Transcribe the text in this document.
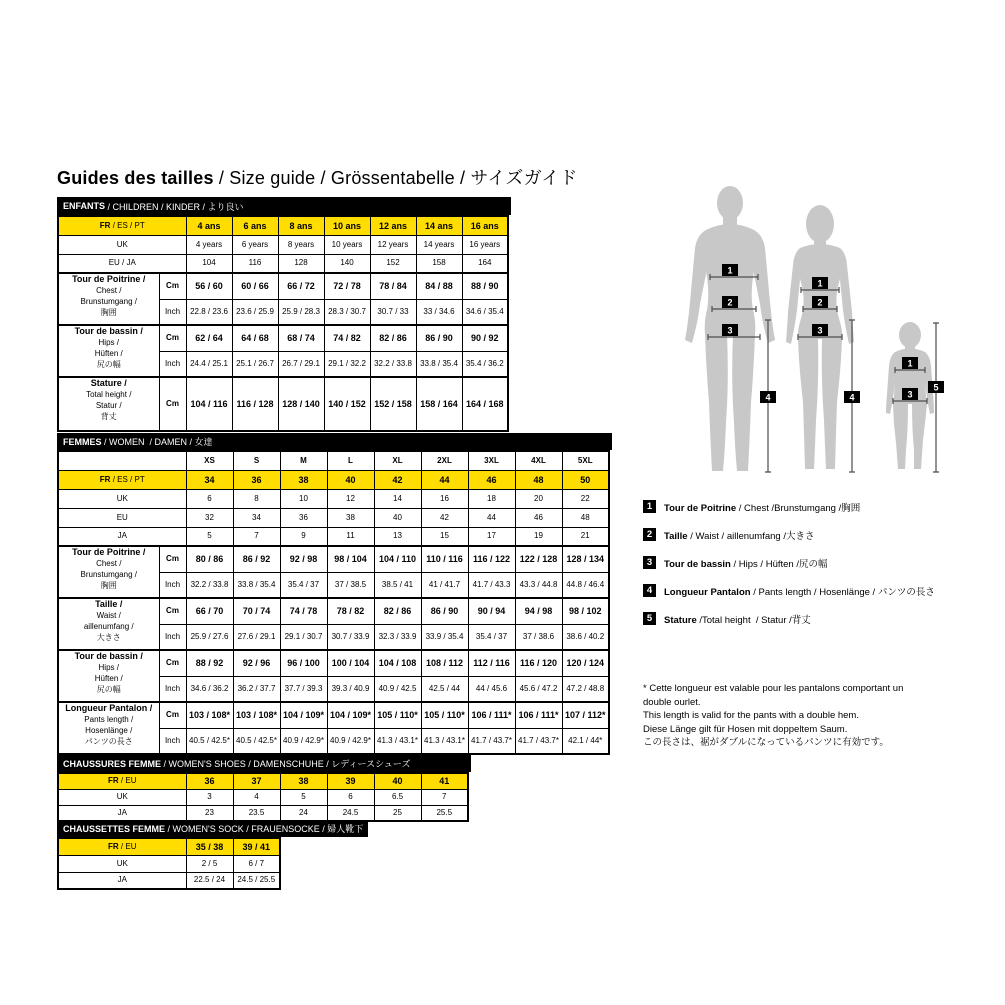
Guides des tailles / Size guide / Grössentabelle / サイズガイド
ENFANTS / CHILDREN / KINDER / より良い
FR / ES / PT		4 ans	6 ans	8 ans	10 ans	12 ans	14 ans	16 ans
UK		4 years	6 years	8 years	10 years	12 years	14 years	16 years
EU / JA		104	116	128	140	152	158	164

Tour de Poitrine /
Chest /
Brunstumgang /
胸囲	Cm	56 / 60	60 / 66	66 / 72	72 / 78	78 / 84	84 / 88	88 / 90
	Inch	22.8 / 23.6	23.6 / 25.9	25.9 / 28.3	28.3 / 30.7	30.7 / 33	33 / 34.6	34.6 / 35.4

Tour de bassin /
Hips /
Hüften /
尻の幅	Cm	62 / 64	64 / 68	68 / 74	74 / 82	82 / 86	86 / 90	90 / 92
	Inch	24.4 / 25.1	25.1 / 26.7	26.7 / 29.1	29.1 / 32.2	32.2 / 33.8	33.8 / 35.4	35.4 / 36.2

Stature /
Total height /
Statur /
背丈	Cm	104 / 116	116 / 128	128 / 140	140 / 152	152 / 158	158 / 164	164 / 168
FEMMES / WOMEN  / DAMEN / 女達
		XS	S	M	L	XL	2XL	3XL	4XL	5XL
FR / ES / PT		34	36	38	40	42	44	46	48	50
UK		6	8	10	12	14	16	18	20	22
EU		32	34	36	38	40	42	44	46	48
JA		5	7	9	11	13	15	17	19	21

Tour de Poitrine /
Chest /
Brunstumgang /
胸囲	Cm	80 / 86	86 / 92	92 / 98	98 / 104	104 / 110	110 / 116	116 / 122	122 / 128	128 / 134
	Inch	32.2 / 33.8	33.8 / 35.4	35.4 / 37	37 / 38.5	38.5 / 41	41 / 41.7	41.7 / 43.3	43.3 / 44.8	44.8 / 46.4

Taille /
Waist /
aillenumfang /
大きさ	Cm	66 / 70	70 / 74	74 / 78	78 / 82	82 / 86	86 / 90	90 / 94	94 / 98	98 / 102
	Inch	25.9 / 27.6	27.6 / 29.1	29.1 / 30.7	30.7 / 33.9	32.3 / 33.9	33.9 / 35.4	35.4 / 37	37 / 38.6	38.6 / 40.2

Tour de bassin /
Hips /
Hüften /
尻の幅	Cm	88 / 92	92 / 96	96 / 100	100 / 104	104 / 108	108 / 112	112 / 116	116 / 120	120 / 124
	Inch	34.6 / 36.2	36.2 / 37.7	37.7 / 39.3	39.3 / 40.9	40.9 / 42.5	42.5 / 44	44 / 45.6	45.6 / 47.2	47.2 / 48.8

Longueur Pantalon /
Pants length /
Hosenlänge /
パンツの長さ	Cm	103 / 108*	103 / 108*	104 / 109*	104 / 109*	105 / 110*	105 / 110*	106 / 111*	106 / 111*	107 / 112*
	Inch	40.5 / 42.5*	40.5 / 42.5*	40.9 / 42.9*	40.9 / 42.9*	41.3 / 43.1*	41.3 / 43.1*	41.7 / 43.7*	41.7 / 43.7*	42.1 / 44*
CHAUSSURES FEMME / WOMEN'S SHOES / DAMENSCHUHE / レディースシューズ
FR / EU	36	37	38	39	40	41
UK	3	4	5	6	6.5	7
JA	23	23.5	24	24.5	25	25.5
CHAUSSETTES FEMME / WOMEN'S SOCK / FRAUENSOCKE / 婦人靴下
FR / EU	35 / 38	39 / 41
UK	2 / 5	6 / 7
JA	22.5 / 24	24.5 / 25.5
1
2
3
4
1
2
3
4
1
3
5
1	Tour de Poitrine / Chest /Brunstumgang /胸囲
2	Taille / Waist / aillenumfang /大きさ
3	Tour de bassin / Hips / Hüften /尻の幅
4	Longueur Pantalon / Pants length / Hosenlänge / パンツの長さ
5	Stature /Total height  / Statur /背丈
* Cette longueur est valable pour les pantalons comportant un
double ourlet.
This length is valid for the pants with a double hem.
Diese Länge gilt für Hosen mit doppeltem Saum.
この長さは、裾がダブルになっているパンツに有効です。
